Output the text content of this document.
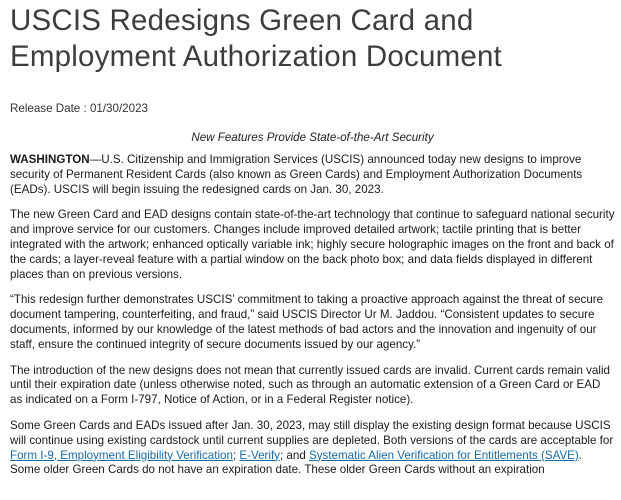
USCIS Redesigns Green Card and Employment Authorization Document
Release Date : 01/30/2023
New Features Provide State-of-the-Art Security

WASHINGTON—U.S. Citizenship and Immigration Services (USCIS) announced today new designs to improve security of Permanent Resident Cards (also known as Green Cards) and Employment Authorization Documents (EADs). USCIS will begin issuing the redesigned cards on Jan. 30, 2023.

The new Green Card and EAD designs contain state-of-the-art technology that continue to safeguard national security and improve service for our customers. Changes include improved detailed artwork; tactile printing that is better integrated with the artwork; enhanced optically variable ink; highly secure holographic images on the front and back of the cards; a layer-reveal feature with a partial window on the back photo box; and data fields displayed in different places than on previous versions.

“This redesign further demonstrates USCIS’ commitment to taking a proactive approach against the threat of secure document tampering, counterfeiting, and fraud,” said USCIS Director Ur M. Jaddou. “Consistent updates to secure documents, informed by our knowledge of the latest methods of bad actors and the innovation and ingenuity of our staff, ensure the continued integrity of secure documents issued by our agency.”

The introduction of the new designs does not mean that currently issued cards are invalid. Current cards remain valid until their expiration date (unless otherwise noted, such as through an automatic extension of a Green Card or EAD as indicated on a Form I-797, Notice of Action, or in a Federal Register notice).

Some Green Cards and EADs issued after Jan. 30, 2023, may still display the existing design format because USCIS will continue using existing cardstock until current supplies are depleted. Both versions of the cards are acceptable for Form I-9, Employment Eligibility Verification; E-Verify; and Systematic Alien Verification for Entitlements (SAVE). Some older Green Cards do not have an expiration date. These older Green Cards without an expiration
